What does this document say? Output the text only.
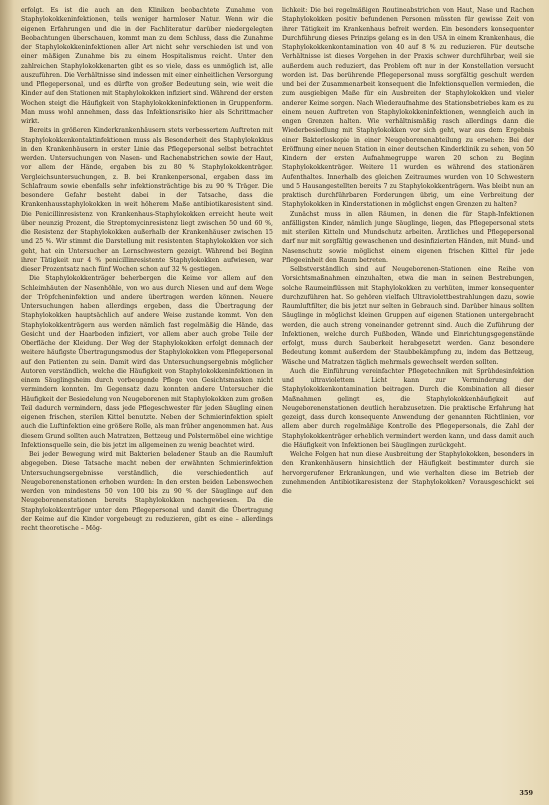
erfolgt. Es ist die auch an den Kliniken beobachtete Zunahme von Staphylokokkeninfektionen, teils weniger harmloser Natur. Wenn wir die eigenen Erfahrungen und die in der Fachliteratur darüber niedergelegten Beobachtungen überschauen, kommt man zu dem Schluss, dass die Zunahme der Staphylokokkeninfektionen aller Art nicht sehr verschieden ist und von einer mäßigen Zunahme bis zu einem Hospitalismus reicht. Unter den zahlreichen Staphylokokkenarten gibt es so viele, dass es unmöglich ist, alle auszuführen. Die Verhältnisse sind indessen mit einer einheitlichen Versorgung und Pflegepersonal, und es dürfte von großer Bedeutung sein, wie weit die Kinder auf den Stationen mit Staphylokokken infiziert sind. Während der ersten Wochen steigt die Häufigkeit von Staphylokokkeninfektionen in Gruppenform. Man muss wohl annehmen, dass das Infektionsrisiko hier als Schrittmacher wirkt.

Bereits in größeren Kinderkrankenhäusern stets verbessertem Auftreten mit Staphylokokkenkontaktinfektionen muss als Besonderheit des Staphylokokkus in den Krankenhäusern in erster Linie das Pflegepersonal selbst betrachtet werden. Untersuchungen von Nasen- und Rachenabstrichen sowie der Haut, vor allem der Hände, ergaben bis zu 80 % Staphylokokkenträger. Vergleichsuntersuchungen, z. B. bei Krankenpersonal, ergaben dass im Schlafraum sowie ebenfalls sehr infektionsträchtige bis zu 90 % Träger. Die besondere Gefahr besteht dabei in der Tatsache, dass die Krankenhausstaphylokokken in weit höherem Maße antibiotikaresistent sind. Die Penicillinresistenz von Krankenhaus-Staphylokokken erreicht heute weit über neunzig Prozent, die Streptomycinresistenz liegt zwischen 50 und 60 %, die Resistenz der Staphylokokken außerhalb der Krankenhäuser zwischen 15 und 25 %. Wir stimmt die Darstellung mit resistenten Staphylokokken vor sich geht, hat ein Untersucher an Lernschwestern gezeigt. Während bei Beginn ihrer Tätigkeit nur 4 % penicillinresistente Staphylokokken aufwiesen, war dieser Prozentsatz nach fünf Wochen schon auf 32 % gestiegen.

Die Staphylokokkenträger beherbergen die Keime vor allem auf den Schleimhäuten der Nasenhöhle, von wo aus durch Niesen und auf dem Wege der Tröpfcheninfektion und andere übertragen werden können. Neuere Untersuchungen haben allerdings ergeben, dass die Übertragung der Staphylokokken hauptsächlich auf andere Weise zustande kommt. Von den Staphylokokkenträgern aus werden nämlich fast regelmäßig die Hände, das Gesicht und der Haarboden infiziert, vor allem aber auch grobe Teile der Oberfläche der Kleidung. Der Weg der Staphylokokken erfolgt demnach der weitere häufigste Übertragungsmodus der Staphylokokken vom Pflegepersonal auf den Patienten zu sein. Damit wird das Untersuchungsergebnis möglicher Autoren verständlich, welche die Häufigkeit von Staphylokokkeninfektionen in einem Säuglingsheim durch vorbeugende Pflege von Gesichtsmasken nicht vermindern konnten. Im Gegensatz dazu konnten andere Untersucher die Häufigkeit der Besiedelung von Neugeborenen mit Staphylokokken zum großen Teil dadurch vermindern, dass jede Pflegeschwester für jeden Säugling einen eigenen frischen, sterilen Kittel benutzte. Neben der Schmierinfektion spielt auch die Luftinfektion eine größere Rolle, als man früher angenommen hat. Aus diesem Grund sollten auch Matratzen, Bettzeug und Polstermöbel eine wichtige Infektionsquelle sein, die bis jetzt im allgemeinen zu wenig beachtet wird.

Bei jeder Bewegung wird mit Bakterien beladener Staub an die Raumluft abgegeben. Diese Tatsache macht neben der erwähnten Schmierinfektion Untersuchungsergebnisse verständlich, die verschiedentlich auf Neugeborenenstationen erhoben wurden: In den ersten beiden Lebenswochen werden von mindestens 50 von 100 bis zu 90 % der Säuglinge auf den Neugeborenenstationen bereits Staphylokokken nachgewiesen. Da die Staphylokokkenträger unter dem Pflegepersonal und damit die Übertragung der Keime auf die Kinder vorgebeugt zu reduzieren, gibt es eine – allerdings recht theoretische – Mög-

lichkeit: Die bei regelmäßigen Routineabstrichen von Haut, Nase und Rachen Staphylokokken positiv befundenen Personen müssten für gewisse Zeit von ihrer Tätigkeit im Krankenhaus befreit werden. Ein besonders konsequenter Durchführung dieses Prinzips gelang es in den USA in einem Krankenhaus, die Staphylokokkenkontamination von 40 auf 8 % zu reduzieren. Für deutsche Verhältnisse ist dieses Vorgehen in der Praxis schwer durchführbar, weil sie außerdem auch reduziert, das Problem oft nur in der Konstellation versucht worden ist. Das berührende Pflegepersonal muss sorgfältig geschult werden und bei der Zusammenarbeit konsequent die Infektionsquellen vermieden, die zum ausgiebigen Maße für ein Ausbreiten der Staphylokokken und vieler anderer Keime sorgen. Nach Wiederaufnahme des Stationsbetriebes kam es zu einem neuen Auftreten von Staphylokokkeninfektionen, wenngleich auch in engen Grenzen halten. Wie verhältnismäßig rasch allerdings dann die Wiederbesiedlung mit Staphylokokken vor sich geht, war aus dem Ergebnis einer Bakterioskopie in einer Neugeborenenabteilung zu ersehen: Bei der Eröffnung einer neuen Station in einer deutschen Kinderklinik zu sehen, von 50 Kindern der ersten Aufnahmegruppe waren 20 schon zu Beginn Staphylokokkenträger. Weitere 11 wurden es während des stationären Aufenthaltes. Innerhalb des gleichen Zeitraumes wurden von 10 Schwestern und 5 Hausangestellten bereits 7 zu Staphylokokkenträgern. Was bleibt nun an praktisch durchführbaren Forderungen übrig, um eine Verbreitung der Staphylokokken in Kinderstationen in möglichst engen Grenzen zu halten?

Zunächst muss in allen Räumen, in denen die für Staph-Infektionen anfälligsten Kinder, nämlich junge Säuglinge, liegen, das Pflegepersonal stets mit sterilen Kitteln und Mundschutz arbeiten. Ärztliches und Pflegepersonal darf nur mit sorgfältig gewaschenen und desinfizierten Händen, mit Mund- und Nasenschutz sowie möglichst einem eigenen frischen Kittel für jede Pflegeeinheit den Raum betreten.

Selbstverständlich sind auf Neugeborenen-Stationen eine Reihe von Vorsichtsmaßnahmen einzuhalten, etwa die man in seinen Bestrebungen, solche Raumeinflüssen mit Staphylokokken zu verhüten, immer konsequenter durchzuführen hat. So gehören vielfach Ultraviolettbestrahlungen dazu, sowie Raumluftfilter, die bis jetzt nur selten in Gebrauch sind. Darüber hinaus sollten Säuglinge in möglichst kleinen Gruppen auf eigenen Stationen untergebracht werden, die auch streng voneinander getrennt sind. Auch die Zuführung der Infektionen, welche durch Fußboden, Wände und Einrichtungsgegenstände erfolgt, muss durch Sauberkeit herabgesetzt werden. Ganz besondere Bedeutung kommt außerdem der Staubbekämpfung zu, indem das Bettzeug, Wäsche und Matratzen täglich mehrmals gewechselt werden sollten.

Auch die Einführung vereinfachter Pflegetechniken mit Sprühdesinfektion und ultraviolettem Licht kann zur Verminderung der Staphylokokkenkontamination beitragen. Durch die Kombination all dieser Maßnahmen gelingt es, die Staphylokokkenhäufigkeit auf Neugeborenenstationen deutlich herabzusetzen. Die praktische Erfahrung hat gezeigt, dass durch konsequente Anwendung der genannten Richtlinien, vor allem aber durch regelmäßige Kontrolle des Pflegepersonals, die Zahl der Staphylokokkenträger erheblich vermindert werden kann, und dass damit auch die Häufigkeit von Infektionen bei Säuglingen zurückgeht.

Welche Folgen hat nun diese Ausbreitung der Staphylokokken, besonders in den Krankenhäusern hinsichtlich der Häufigkeit bestimmter durch sie hervorgerufener Erkrankungen, und wie verhalten diese im Betrieb der zunehmenden Antibiotikaresistenz der Staphylokokken? Vorausgeschickt sei die

359
